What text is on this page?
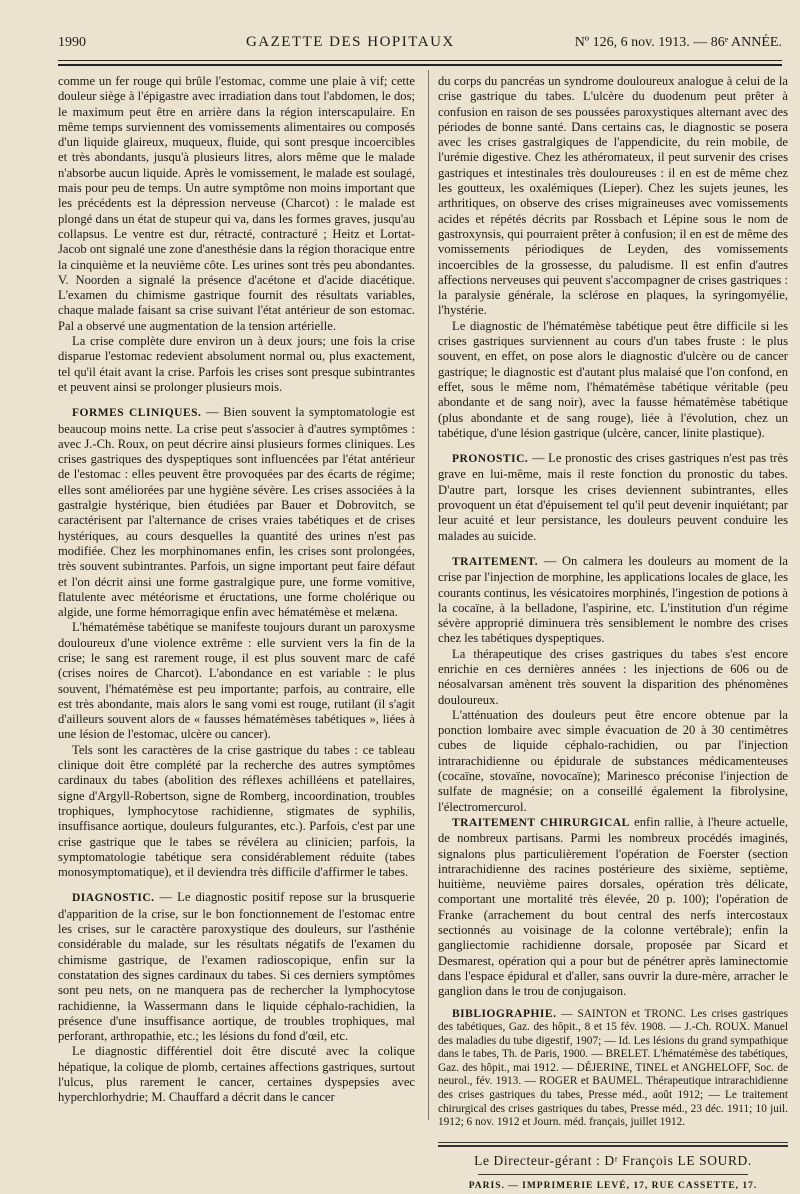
1990	GAZETTE DES HOPITAUX	Nº 126, 6 nov. 1913. — 86ᵉ ANNÉE.

comme un fer rouge qui brûle l'estomac, comme une plaie à vif; cette douleur siège à l'épigastre avec irradiation dans tout l'abdomen, le dos; le maximum peut être en arrière dans la région interscapulaire. En même temps surviennent des vomissements alimentaires ou composés d'un liquide glaireux, muqueux, fluide, qui sont presque incoercibles et très abondants, jusqu'à plusieurs litres, alors même que le malade n'absorbe aucun liquide. Après le vomissement, le malade est soulagé, mais pour peu de temps. Un autre symptôme non moins important que les précédents est la dépression nerveuse (Charcot) : le malade est plongé dans un état de stupeur qui va, dans les formes graves, jusqu'au collapsus. Le ventre est dur, rétracté, contracturé ; Heitz et Lortat-Jacob ont signalé une zone d'anesthésie dans la région thoracique entre la cinquième et la neuvième côte. Les urines sont très peu abondantes. V. Noorden a signalé la présence d'acétone et d'acide diacétique. L'examen du chimisme gastrique fournit des résultats variables, chaque malade faisant sa crise suivant l'état antérieur de son estomac. Pal a observé une augmentation de la tension artérielle.

La crise complète dure environ un à deux jours; une fois la crise disparue l'estomac redevient absolument normal ou, plus exactement, tel qu'il était avant la crise. Parfois les crises sont presque subintrantes et peuvent ainsi se prolonger plusieurs mois.

FORMES CLINIQUES. — Bien souvent la symptomatologie est beaucoup moins nette. La crise peut s'associer à d'autres symptômes : avec J.-Ch. Roux, on peut décrire ainsi plusieurs formes cliniques. Les crises gastriques des dyspeptiques sont influencées par l'état antérieur de l'estomac : elles peuvent être provoquées par des écarts de régime; elles sont améliorées par une hygiène sévère. Les crises associées à la gastralgie hystérique, bien étudiées par Bauer et Dobrovitch, se caractérisent par l'alternance de crises vraies tabétiques et de crises hystériques, au cours desquelles la quantité des urines n'est pas modifiée. Chez les morphinomanes enfin, les crises sont prolongées, très souvent subintrantes. Parfois, un signe important peut faire défaut et l'on décrit ainsi une forme gastralgique pure, une forme vomitive, flatulente avec météorisme et éructations, une forme cholérique ou algide, une forme hémorragique enfin avec hématémèse et melæna.

L'hématémèse tabétique se manifeste toujours durant un paroxysme douloureux d'une violence extrême : elle survient vers la fin de la crise; le sang est rarement rouge, il est plus souvent marc de café (crises noires de Charcot). L'abondance en est variable : le plus souvent, l'hématémèse est peu importante; parfois, au contraire, elle est très abondante, mais alors le sang vomi est rouge, rutilant (il s'agit d'ailleurs souvent alors de « fausses hématémèses tabétiques », liées à une lésion de l'estomac, ulcère ou cancer).

Tels sont les caractères de la crise gastrique du tabes : ce tableau clinique doit être complété par la recherche des autres symptômes cardinaux du tabes (abolition des réflexes achilléens et patellaires, signe d'Argyll-Robertson, signe de Romberg, incoordination, troubles trophiques, lymphocytose rachidienne, stigmates de syphilis, insuffisance aortique, douleurs fulgurantes, etc.). Parfois, c'est par une crise gastrique que le tabes se révélera au clinicien; parfois, la symptomatologie tabétique sera considérablement réduite (tabes monosymptomatique), et il deviendra très difficile d'affirmer le tabes.

DIAGNOSTIC. — Le diagnostic positif repose sur la brusquerie d'apparition de la crise, sur le bon fonctionnement de l'estomac entre les crises, sur le caractère paroxystique des douleurs, sur l'asthénie considérable du malade, sur les résultats négatifs de l'examen du chimisme gastrique, de l'examen radioscopique, enfin sur la constatation des signes cardinaux du tabes. Si ces derniers symptômes sont peu nets, on ne manquera pas de rechercher la lymphocytose rachidienne, la Wassermann dans le liquide céphalo-rachidien, la présence d'une insuffisance aortique, de troubles trophiques, mal perforant, arthropathie, etc.; les lésions du fond d'œil, etc.

Le diagnostic différentiel doit être discuté avec la colique hépatique, la colique de plomb, certaines affections gastriques, surtout l'ulcus, plus rarement le cancer, certaines dyspepsies avec hyperchlorhydrie; M. Chauffard a décrit dans le cancer

du corps du pancréas un syndrome douloureux analogue à celui de la crise gastrique du tabes. L'ulcère du duodenum peut prêter à confusion en raison de ses poussées paroxystiques alternant avec des périodes de bonne santé. Dans certains cas, le diagnostic se posera avec les crises gastralgiques de l'appendicite, du rein mobile, de l'urémie digestive. Chez les athéromateux, il peut survenir des crises gastriques et intestinales très douloureuses : il en est de même chez les goutteux, les oxalémiques (Lieper). Chez les sujets jeunes, les arthritiques, on observe des crises migraineuses avec vomissements acides et répétés décrits par Rossbach et Lépine sous le nom de gastroxynsis, qui pourraient prêter à confusion; il en est de même des vomissements périodiques de Leyden, des vomissements incoercibles de la grossesse, du paludisme. Il est enfin d'autres affections nerveuses qui peuvent s'accompagner de crises gastriques : la paralysie générale, la sclérose en plaques, la syringomyélie, l'hystérie.

Le diagnostic de l'hématémèse tabétique peut être difficile si les crises gastriques surviennent au cours d'un tabes fruste : le plus souvent, en effet, on pose alors le diagnostic d'ulcère ou de cancer gastrique; le diagnostic est d'autant plus malaisé que l'on confond, en effet, sous le même nom, l'hématémèse tabétique véritable (peu abondante et de sang noir), avec la fausse hématémèse tabétique (plus abondante et de sang rouge), liée à l'évolution, chez un tabétique, d'une lésion gastrique (ulcère, cancer, linite plastique).

PRONOSTIC. — Le pronostic des crises gastriques n'est pas très grave en lui-même, mais il reste fonction du pronostic du tabes. D'autre part, lorsque les crises deviennent subintrantes, elles provoquent un état d'épuisement tel qu'il peut devenir inquiétant; par leur acuité et leur persistance, les douleurs peuvent conduire les malades au suicide.

TRAITEMENT. — On calmera les douleurs au moment de la crise par l'injection de morphine, les applications locales de glace, les courants continus, les vésicatoires morphinés, l'ingestion de potions à la cocaïne, à la belladone, l'aspirine, etc. L'institution d'un régime sévère approprié diminuera très sensiblement le nombre des crises chez les tabétiques dyspeptiques.

La thérapeutique des crises gastriques du tabes s'est encore enrichie en ces dernières années : les injections de 606 ou de néosalvarsan amènent très souvent la disparition des phénomènes douloureux.

L'atténuation des douleurs peut être encore obtenue par la ponction lombaire avec simple évacuation de 20 à 30 centimètres cubes de liquide céphalo-rachidien, ou par l'injection intrarachidienne ou épidurale de substances médicamenteuses (cocaïne, stovaïne, novocaïne); Marinesco préconise l'injection de sulfate de magnésie; on a conseillé également la fibrolysine, l'électromercurol.

TRAITEMENT CHIRURGICAL enfin rallie, à l'heure actuelle, de nombreux partisans. Parmi les nombreux procédés imaginés, signalons plus particulièrement l'opération de Foerster (section intrarachidienne des racines postérieure des sixième, septième, huitième, neuvième paires dorsales, opération très délicate, comportant une mortalité très élevée, 20 p. 100); l'opération de Franke (arrachement du bout central des nerfs intercostaux sectionnés au voisinage de la colonne vertébrale); enfin la gangliectomie rachidienne dorsale, proposée par Sicard et Desmarest, opération qui a pour but de pénétrer après laminectomie dans l'espace épidural et d'aller, sans ouvrir la dure-mère, arracher le ganglion dans le trou de conjugaison.

BIBLIOGRAPHIE. — SAINTON et TRONC. Les crises gastriques des tabétiques, Gaz. des hôpit., 8 et 15 fév. 1908. — J.-Ch. ROUX. Manuel des maladies du tube digestif, 1907; — Id. Les lésions du grand sympathique dans le tabes, Th. de Paris, 1900. — BRELET. L'hématémèse des tabétiques, Gaz. des hôpit., mai 1912. — DÉJERINE, TINEL et ANGHELOFF, Soc. de neurol., fév. 1913. — ROGER et BAUMEL. Thérapeutique intrarachidienne des crises gastriques du tabes, Presse méd., août 1912; — Le traitement chirurgical des crises gastriques du tabes, Presse méd., 23 déc. 1911; 10 juil. 1912; 6 nov. 1912 et Journ. méd. français, juillet 1912.

Le Directeur-gérant : Dʳ François LE SOURD.
PARIS. — IMPRIMERIE LEVÉ, 17, RUE CASSETTE, 17.
